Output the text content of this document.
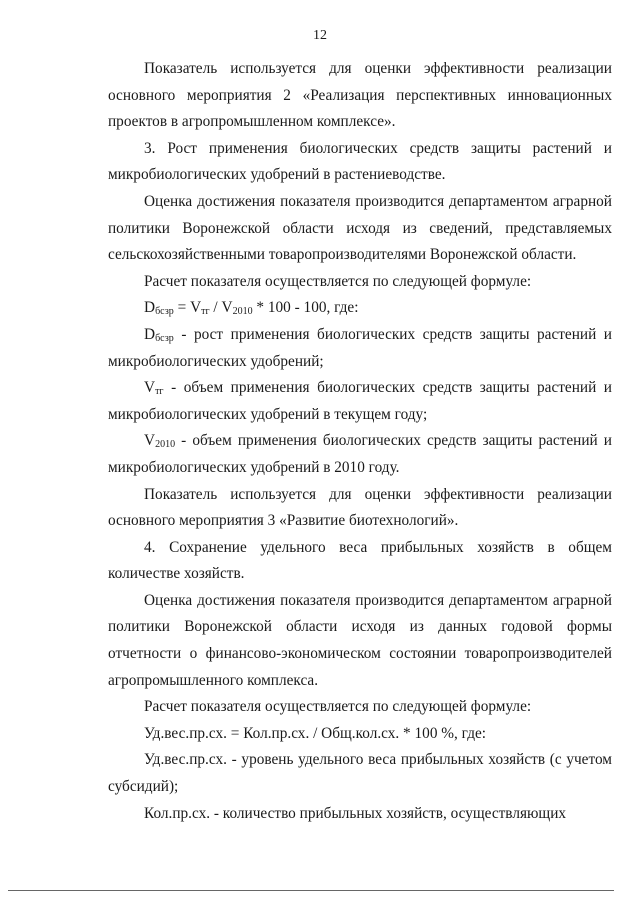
12

Показатель используется для оценки эффективности реализации основного мероприятия 2 «Реализация перспективных инновационных проектов в агропромышленном комплексе».

3. Рост применения биологических средств защиты растений и микробиологических удобрений в растениеводстве.

Оценка достижения показателя производится департаментом аграрной политики Воронежской области исходя из сведений, представляемых сельскохозяйственными товаропроизводителями Воронежской области.

Расчет показателя осуществляется по следующей формуле:

$D_{бсзр} = V_{тг} / V_{2010} * 100 - 100$, где:

$D_{бсзр}$ - рост применения биологических средств защиты растений и микробиологических удобрений;

$V_{тг}$ - объем применения биологических средств защиты растений и микробиологических удобрений в текущем году;

$V_{2010}$ - объем применения биологических средств защиты растений и микробиологических удобрений в 2010 году.

Показатель используется для оценки эффективности реализации основного мероприятия 3 «Развитие биотехнологий».

4. Сохранение удельного веса прибыльных хозяйств в общем количестве хозяйств.

Оценка достижения показателя производится департаментом аграрной политики Воронежской области исходя из данных годовой формы отчетности о финансово-экономическом состоянии товаропроизводителей агропромышленного комплекса.

Расчет показателя осуществляется по следующей формуле:

Уд.вес.пр.сх. = Кол.пр.сх. / Общ.кол.сх. * 100 %, где:

Уд.вес.пр.сх. - уровень удельного веса прибыльных хозяйств (с учетом субсидий);

Кол.пр.сх. - количество прибыльных хозяйств, осуществляющих
